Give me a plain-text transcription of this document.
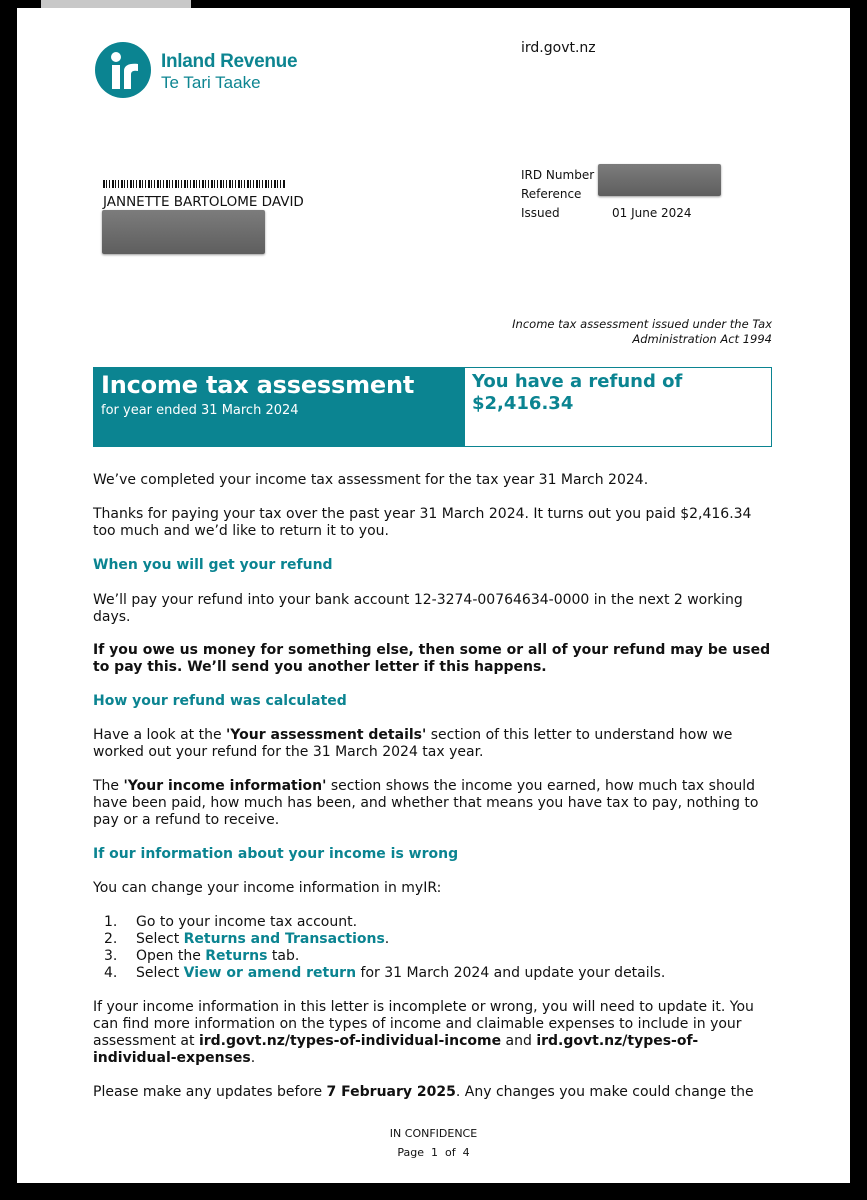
Inland Revenue
Te Tari Taake
ird.govt.nz
JANNETTE BARTOLOME DAVID
IRD Number
Reference
Issued	01 June 2024
Income tax assessment issued under the Tax Administration Act 1994
Income tax assessment
for year ended 31 March 2024
You have a refund of
$2,416.34
We’ve completed your income tax assessment for the tax year 31 March 2024.
Thanks for paying your tax over the past year 31 March 2024. It turns out you paid $2,416.34 too much and we’d like to return it to you.
When you will get your refund
We’ll pay your refund into your bank account 12-3274-00764634-0000 in the next 2 working days.
If you owe us money for something else, then some or all of your refund may be used to pay this. We’ll send you another letter if this happens.
How your refund was calculated
Have a look at the 'Your assessment details' section of this letter to understand how we worked out your refund for the 31 March 2024 tax year.
The 'Your income information' section shows the income you earned, how much tax should have been paid, how much has been, and whether that means you have tax to pay, nothing to pay or a refund to receive.
If our information about your income is wrong
You can change your income information in myIR:
1. Go to your income tax account.
2. Select Returns and Transactions.
3. Open the Returns tab.
4. Select View or amend return for 31 March 2024 and update your details.
If your income information in this letter is incomplete or wrong, you will need to update it. You can find more information on the types of income and claimable expenses to include in your assessment at ird.govt.nz/types-of-individual-income and ird.govt.nz/types-of-individual-expenses.
Please make any updates before 7 February 2025. Any changes you make could change the
IN CONFIDENCE
Page  1  of  4
